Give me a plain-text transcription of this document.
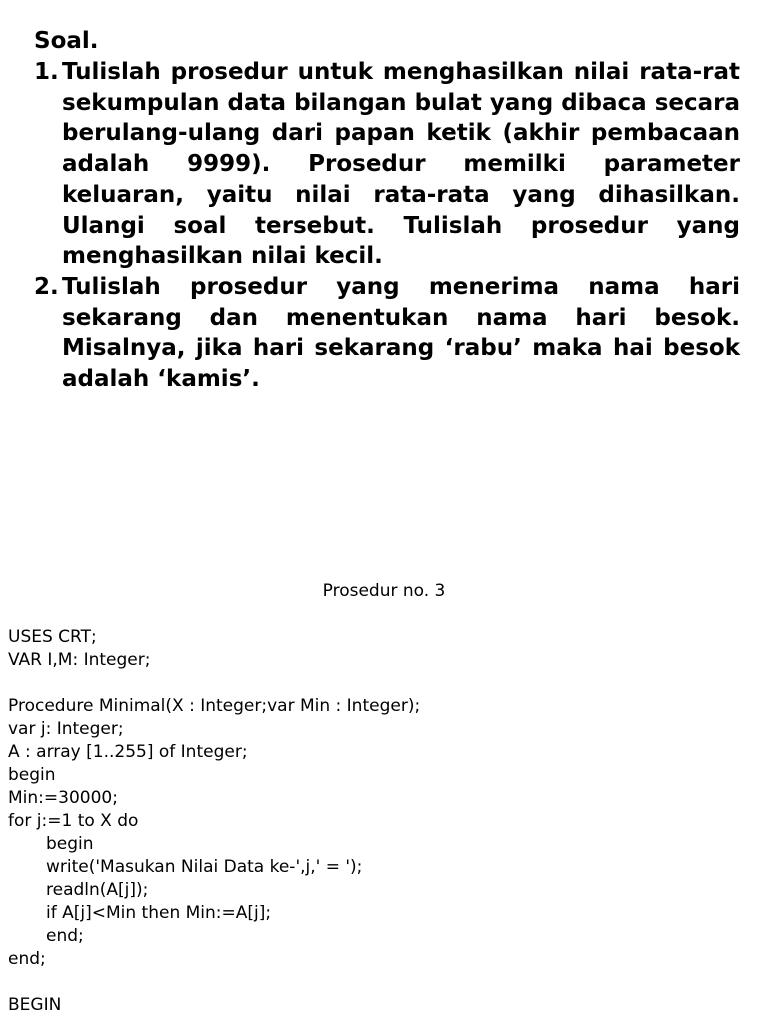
Soal.
1. Tulislah prosedur untuk menghasilkan nilai rata-rat sekumpulan data bilangan bulat yang dibaca secara berulang-ulang dari papan ketik (akhir pembacaan adalah 9999). Prosedur memilki parameter keluaran, yaitu nilai rata-rata yang dihasilkan. Ulangi soal tersebut. Tulislah prosedur yang menghasilkan nilai kecil.
2. Tulislah prosedur yang menerima nama hari sekarang dan menentukan nama hari besok. Misalnya, jika hari sekarang ‘rabu’ maka hai besok adalah ‘kamis’.
Prosedur no. 3
USES CRT;
VAR I,M: Integer;
Procedure Minimal(X : Integer;var Min : Integer);
var j: Integer;
A : array [1..255] of Integer;
begin
Min:=30000;
for j:=1 to X do
begin
write('Masukan Nilai Data ke-',j,' = ');
readln(A[j]);
if A[j]<Min then Min:=A[j];
end;
end;
BEGIN
